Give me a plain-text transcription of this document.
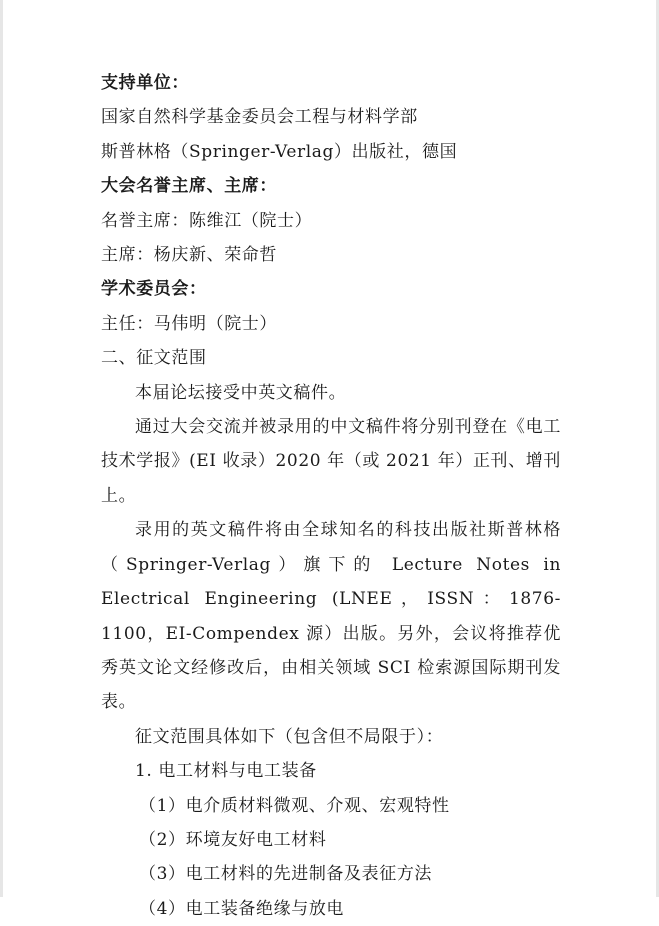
支持单位：
国家自然科学基金委员会工程与材料学部
斯普林格（Springer-Verlag）出版社，德国
大会名誉主席、主席：
名誉主席：陈维江（院士）
主席：杨庆新、荣命哲
学术委员会：
主任：马伟明（院士）
二、征文范围
本届论坛接受中英文稿件。
通过大会交流并被录用的中文稿件将分别刊登在《电工技术学报》(EI 收录）2020 年（或 2021 年）正刊、增刊上。
录用的英文稿件将由全球知名的科技出版社斯普林格（Springer-Verlag）旗下的 Lecture Notes in Electrical Engineering (LNEE，ISSN：1876-1100，EI-Compendex 源）出版。另外，会议将推荐优秀英文论文经修改后，由相关领域 SCI 检索源国际期刊发表。
征文范围具体如下（包含但不局限于）：
1. 电工材料与电工装备
（1）电介质材料微观、介观、宏观特性
（2）环境友好电工材料
（3）电工材料的先进制备及表征方法
（4）电工装备绝缘与放电
